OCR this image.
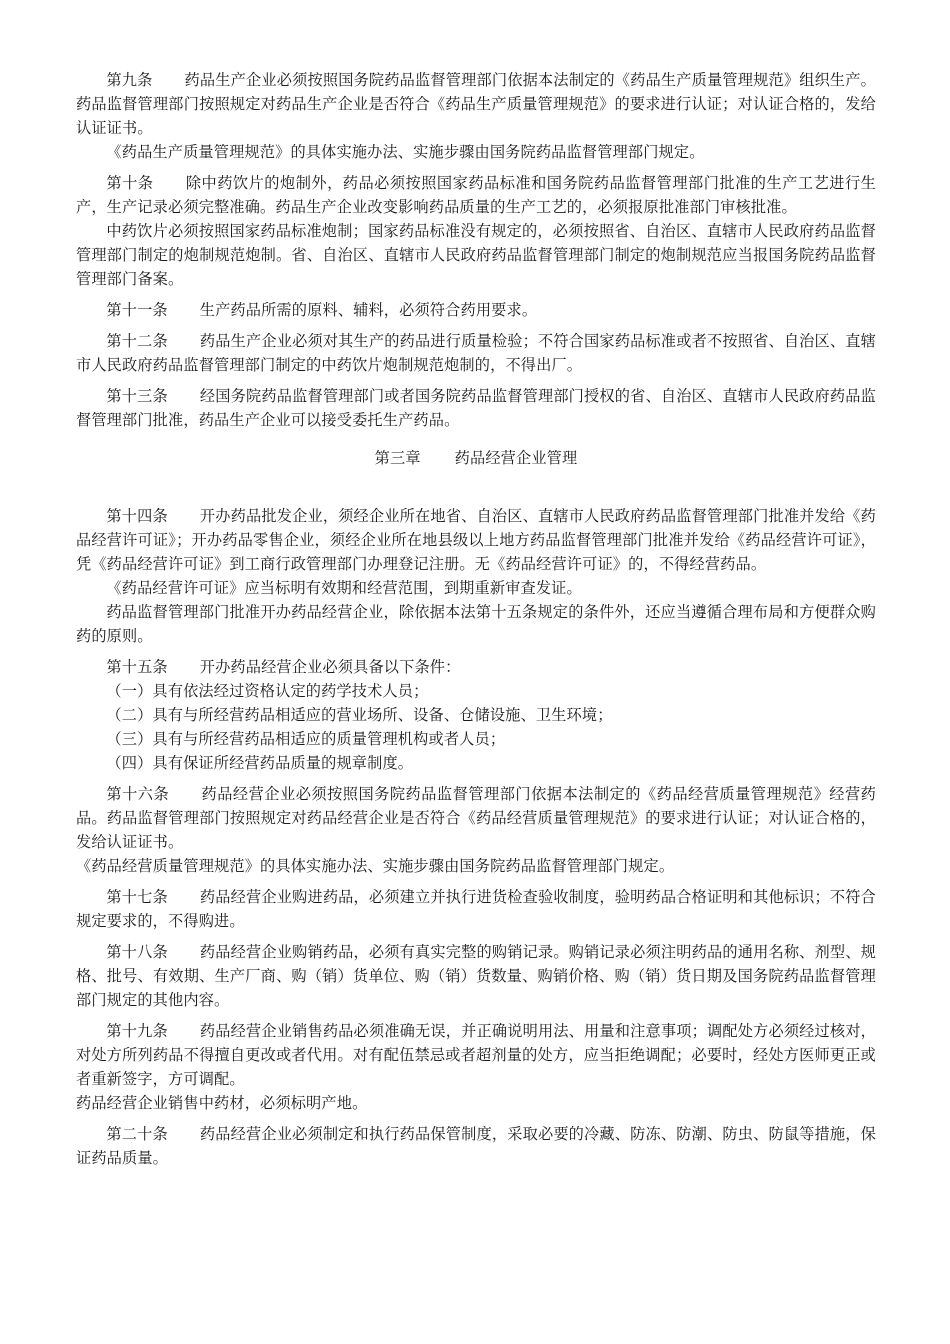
第九条 药品生产企业必须按照国务院药品监督管理部门依据本法制定的《药品生产质量管理规范》组织生产。药品监督管理部门按照规定对药品生产企业是否符合《药品生产质量管理规范》的要求进行认证；对认证合格的，发给认证证书。

《药品生产质量管理规范》的具体实施办法、实施步骤由国务院药品监督管理部门规定。

第十条 除中药饮片的炮制外，药品必须按照国家药品标准和国务院药品监督管理部门批准的生产工艺进行生产，生产记录必须完整准确。药品生产企业改变影响药品质量的生产工艺的，必须报原批准部门审核批准。

中药饮片必须按照国家药品标准炮制；国家药品标准没有规定的，必须按照省、自治区、直辖市人民政府药品监督管理部门制定的炮制规范炮制。省、自治区、直辖市人民政府药品监督管理部门制定的炮制规范应当报国务院药品监督管理部门备案。

第十一条 生产药品所需的原料、辅料，必须符合药用要求。

第十二条 药品生产企业必须对其生产的药品进行质量检验；不符合国家药品标准或者不按照省、自治区、直辖市人民政府药品监督管理部门制定的中药饮片炮制规范炮制的，不得出厂。

第十三条 经国务院药品监督管理部门或者国务院药品监督管理部门授权的省、自治区、直辖市人民政府药品监督管理部门批准，药品生产企业可以接受委托生产药品。

第三章 药品经营企业管理

第十四条 开办药品批发企业，须经企业所在地省、自治区、直辖市人民政府药品监督管理部门批准并发给《药品经营许可证》；开办药品零售企业，须经企业所在地县级以上地方药品监督管理部门批准并发给《药品经营许可证》，凭《药品经营许可证》到工商行政管理部门办理登记注册。无《药品经营许可证》的，不得经营药品。

《药品经营许可证》应当标明有效期和经营范围，到期重新审查发证。

药品监督管理部门批准开办药品经营企业，除依据本法第十五条规定的条件外，还应当遵循合理布局和方便群众购药的原则。

第十五条 开办药品经营企业必须具备以下条件：

（一）具有依法经过资格认定的药学技术人员；

（二）具有与所经营药品相适应的营业场所、设备、仓储设施、卫生环境；

（三）具有与所经营药品相适应的质量管理机构或者人员；

（四）具有保证所经营药品质量的规章制度。

第十六条 药品经营企业必须按照国务院药品监督管理部门依据本法制定的《药品经营质量管理规范》经营药品。药品监督管理部门按照规定对药品经营企业是否符合《药品经营质量管理规范》的要求进行认证；对认证合格的，发给认证证书。

《药品经营质量管理规范》的具体实施办法、实施步骤由国务院药品监督管理部门规定。

第十七条 药品经营企业购进药品，必须建立并执行进货检查验收制度，验明药品合格证明和其他标识；不符合规定要求的，不得购进。

第十八条 药品经营企业购销药品，必须有真实完整的购销记录。购销记录必须注明药品的通用名称、剂型、规格、批号、有效期、生产厂商、购（销）货单位、购（销）货数量、购销价格、购（销）货日期及国务院药品监督管理部门规定的其他内容。

第十九条 药品经营企业销售药品必须准确无误，并正确说明用法、用量和注意事项；调配处方必须经过核对，对处方所列药品不得擅自更改或者代用。对有配伍禁忌或者超剂量的处方，应当拒绝调配；必要时，经处方医师更正或者重新签字，方可调配。

药品经营企业销售中药材，必须标明产地。

第二十条 药品经营企业必须制定和执行药品保管制度，采取必要的冷藏、防冻、防潮、防虫、防鼠等措施，保证药品质量。
